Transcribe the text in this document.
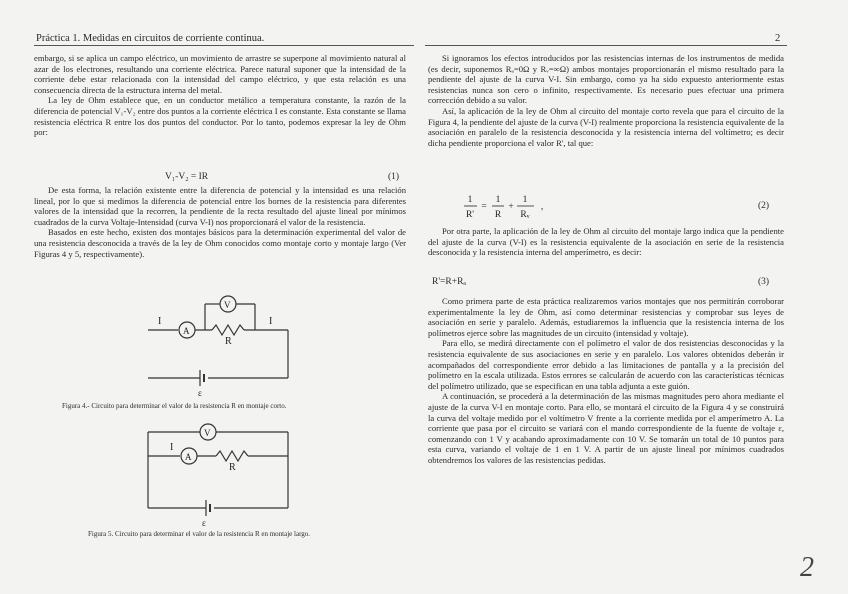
Práctica 1. Medidas en circuitos de corriente continua.	2

embargo, si se aplica un campo eléctrico, un movimiento de arrastre se superpone al movimiento natural al azar de los electrones, resultando una corriente eléctrica. Parece natural suponer que la intensidad de la corriente debe estar relacionada con la intensidad del campo eléctrico, y que esta relación es una consecuencia directa de la estructura interna del metal.

La ley de Ohm establece que, en un conductor metálico a temperatura constante, la razón de la diferencia de potencial V₁-V₂ entre dos puntos a la corriente eléctrica I es constante. Esta constante se llama resistencia eléctrica R entre los dos puntos del conductor. Por lo tanto, podemos expresar la ley de Ohm por:

V₁-V₂ = IR	(1)

De esta forma, la relación existente entre la diferencia de potencial y la intensidad es una relación lineal, por lo que si medimos la diferencia de potencial entre los bornes de la resistencia para diferentes valores de la intensidad que la recorren, la pendiente de la recta resultado del ajuste lineal por mínimos cuadrados de la curva Voltaje-Intensidad (curva V-I) nos proporcionará el valor de la resistencia.

Basados en este hecho, existen dos montajes básicos para la determinación experimental del valor de una resistencia desconocida a través de la ley de Ohm conocidos como montaje corto y montaje largo (Ver Figuras 4 y 5, respectivamente).

I	I
A
V
R
ε
Figura 4.- Circuito para determinar el valor de la resistencia R en montaje corto.
I
A
V
R
ε
Figura 5. Circuito para determinar el valor de la resistencia R en montaje largo.

Si ignoramos los efectos introducidos por las resistencias internas de los instrumentos de medida (es decir, suponemos Rₐ=0Ω y Rᵥ=∞Ω) ambos montajes proporcionarán el mismo resultado para la pendiente del ajuste de la curva V-I. Sin embargo, como ya ha sido expuesto anteriormente estas resistencias nunca son cero o infinito, respectivamente. Es necesario pues efectuar una primera corrección debido a su valor.

Así, la aplicación de la ley de Ohm al circuito del montaje corto revela que para el circuito de la Figura 4, la pendiente del ajuste de la curva (V-I) realmente proporciona la resistencia equivalente de la asociación en paralelo de la resistencia desconocida y la resistencia interna del voltímetro; es decir dicha pendiente proporciona el valor R', tal que:

1
R'
=
1
R
+
1
Rᵥ
,	(2)

Por otra parte, la aplicación de la ley de Ohm al circuito del montaje largo indica que la pendiente del ajuste de la curva (V-I) es la resistencia equivalente de la asociación en serie de la resistencia desconocida y la resistencia interna del amperímetro, es decir:

R'=R+Rₐ	(3)

Como primera parte de esta práctica realizaremos varios montajes que nos permitirán corroborar experimentalmente la ley de Ohm, así como determinar resistencias y comprobar sus leyes de asociación en serie y paralelo. Además, estudiaremos la influencia que la resistencia interna de los polímetros ejerce sobre las magnitudes de un circuito (intensidad y voltaje).

Para ello, se medirá directamente con el polímetro el valor de dos resistencias desconocidas y la resistencia equivalente de sus asociaciones en serie y en paralelo. Los valores obtenidos deberán ir acompañados del correspondiente error debido a las limitaciones de pantalla y a la precisión del polímetro en la escala utilizada. Estos errores se calcularán de acuerdo con las características técnicas del polímetro utilizado, que se especifican en una tabla adjunta a este guión.

A continuación, se procederá a la determinación de las mismas magnitudes pero ahora mediante el ajuste de la curva V-I en montaje corto. Para ello, se montará el circuito de la Figura 4 y se construirá la curva del voltaje medido por el voltímetro V frente a la corriente medida por el amperímetro A. La corriente que pasa por el circuito se variará con el mando correspondiente de la fuente de voltaje ε, comenzando con 1 V y acabando aproximadamente con 10 V. Se tomarán un total de 10 puntos para esta curva, variando el voltaje de 1 en 1 V. A partir de un ajuste lineal por mínimos cuadrados obtendremos los valores de las resistencias pedidas.

2
